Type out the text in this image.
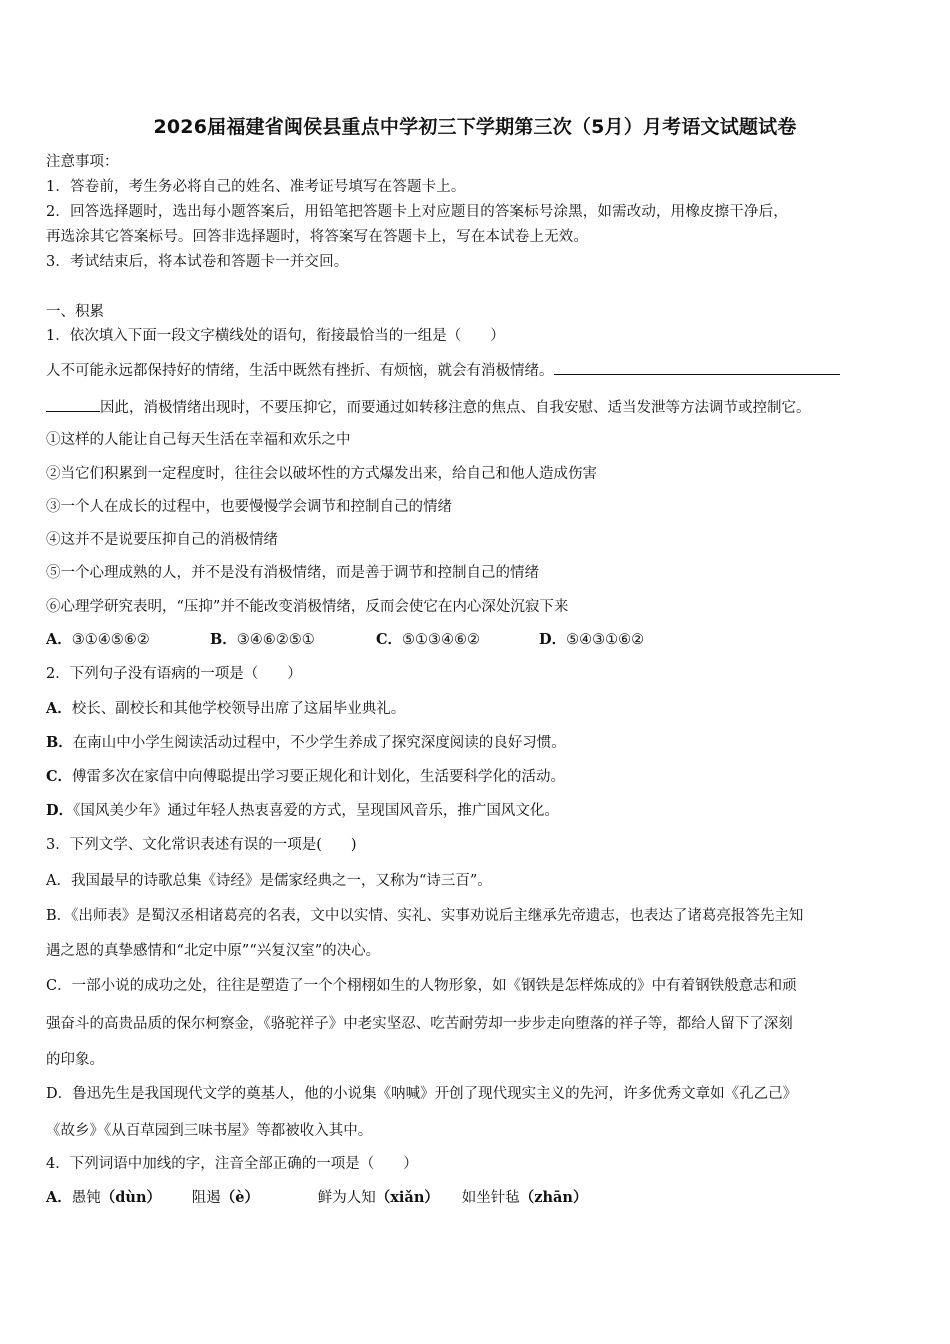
2026届福建省闽侯县重点中学初三下学期第三次（5月）月考语文试题试卷
注意事项：
1．答卷前，考生务必将自己的姓名、准考证号填写在答题卡上。
2．回答选择题时，选出每小题答案后，用铅笔把答题卡上对应题目的答案标号涂黑，如需改动，用橡皮擦干净后，
再选涂其它答案标号。回答非选择题时，将答案写在答题卡上，写在本试卷上无效。
3．考试结束后，将本试卷和答题卡一并交回。
一、积累
1．依次填入下面一段文字横线处的语句，衔接最恰当的一组是（　　）
人不可能永远都保持好的情绪，生活中既然有挫折、有烦恼，就会有消极情绪。
因此，消极情绪出现时，不要压抑它，而要通过如转移注意的焦点、自我安慰、适当发泄等方法调节或控制它。
①这样的人能让自己每天生活在幸福和欢乐之中
②当它们积累到一定程度时，往往会以破坏性的方式爆发出来，给自己和他人造成伤害
③一个人在成长的过程中，也要慢慢学会调节和控制自己的情绪
④这并不是说要压抑自己的消极情绪
⑤一个心理成熟的人，并不是没有消极情绪，而是善于调节和控制自己的情绪
⑥心理学研究表明，“压抑”并不能改变消极情绪，反而会使它在内心深处沉寂下来
A．③①④⑤⑥②	B．③④⑥②⑤①	C．⑤①③④⑥②	D．⑤④③①⑥②
2．下列句子没有语病的一项是（　　）
A．校长、副校长和其他学校领导出席了这届毕业典礼。
B．在南山中小学生阅读活动过程中，不少学生养成了探究深度阅读的良好习惯。
C．傅雷多次在家信中向傅聪提出学习要正规化和计划化，生活要科学化的活动。
D．《国风美少年》通过年轻人热衷喜爱的方式，呈现国风音乐，推广国风文化。
3．下列文学、文化常识表述有误的一项是(　　)
A．我国最早的诗歌总集《诗经》是儒家经典之一，又称为“诗三百”。
B．《出师表》是蜀汉丞相诸葛亮的名表，文中以实情、实礼、实事劝说后主继承先帝遗志，也表达了诸葛亮报答先主知
遇之恩的真挚感情和“北定中原”“兴复汉室”的决心。
C．一部小说的成功之处，往往是塑造了一个个栩栩如生的人物形象，如《钢铁是怎样炼成的》中有着钢铁般意志和顽
强奋斗的高贵品质的保尔柯察金，《骆驼祥子》中老实坚忍、吃苦耐劳却一步步走向堕落的祥子等，都给人留下了深刻
的印象。
D．鲁迅先生是我国现代文学的奠基人，他的小说集《呐喊》开创了现代现实主义的先河，许多优秀文章如《孔乙己》
《故乡》《从百草园到三味书屋》等都被收入其中。
4．下列词语中加线的字，注音全部正确的一项是（　　）
A．愚钝（dùn） 阻遏（è）	鲜为人知（xiǎn） 如坐针毡（zhān）
